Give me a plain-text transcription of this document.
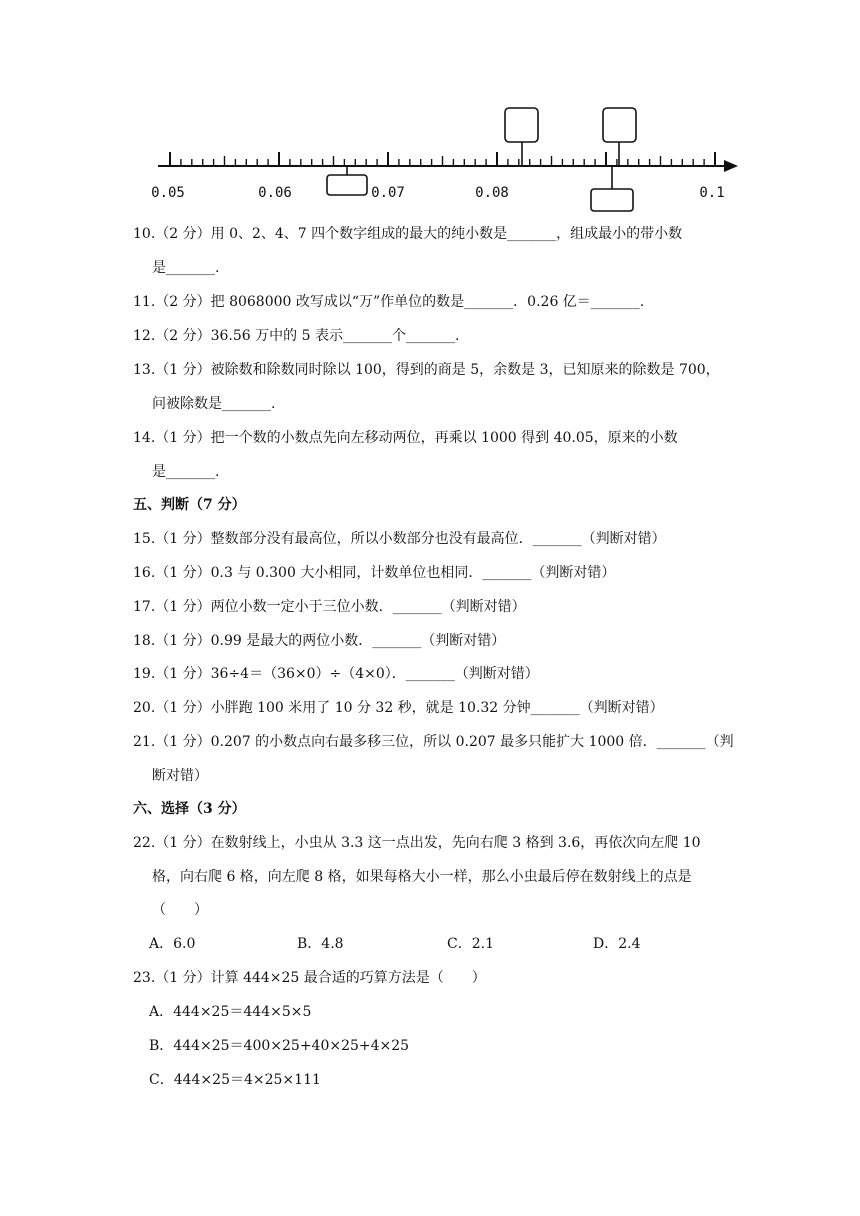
0.05	0.06	0.07	0.08	0.1
10.（2 分）用 0、2、4、7 四个数字组成的最大的纯小数是_______，组成最小的带小数
是_______.
11.（2 分）把 8068000 改写成以“万”作单位的数是_______．0.26 亿＝_______.
12.（2 分）36.56 万中的 5 表示_______个_______.
13.（1 分）被除数和除数同时除以 100，得到的商是 5，余数是 3，已知原来的除数是 700，
问被除数是_______.
14.（1 分）把一个数的小数点先向左移动两位，再乘以 1000 得到 40.05，原来的小数
是_______.
五、判断（7 分）
15.（1 分）整数部分没有最高位，所以小数部分也没有最高位．_______（判断对错）
16.（1 分）0.3 与 0.300 大小相同，计数单位也相同．_______（判断对错）
17.（1 分）两位小数一定小于三位小数．_______（判断对错）
18.（1 分）0.99 是最大的两位小数．_______（判断对错）
19.（1 分）36÷4＝（36×0）÷（4×0）．_______（判断对错）
20.（1 分）小胖跑 100 米用了 10 分 32 秒，就是 10.32 分钟_______（判断对错）
21.（1 分）0.207 的小数点向右最多移三位，所以 0.207 最多只能扩大 1000 倍．_______（判
断对错）
六、选择（3 分）
22.（1 分）在数射线上，小虫从 3.3 这一点出发，先向右爬 3 格到 3.6，再依次向左爬 10
格，向右爬 6 格，向左爬 8 格，如果每格大小一样，那么小虫最后停在数射线上的点是
（　　）
A．6.0	B．4.8	C．2.1	D．2.4
23.（1 分）计算 444×25 最合适的巧算方法是（　　）
A．444×25＝444×5×5
B．444×25＝400×25+40×25+4×25
C．444×25＝4×25×111
